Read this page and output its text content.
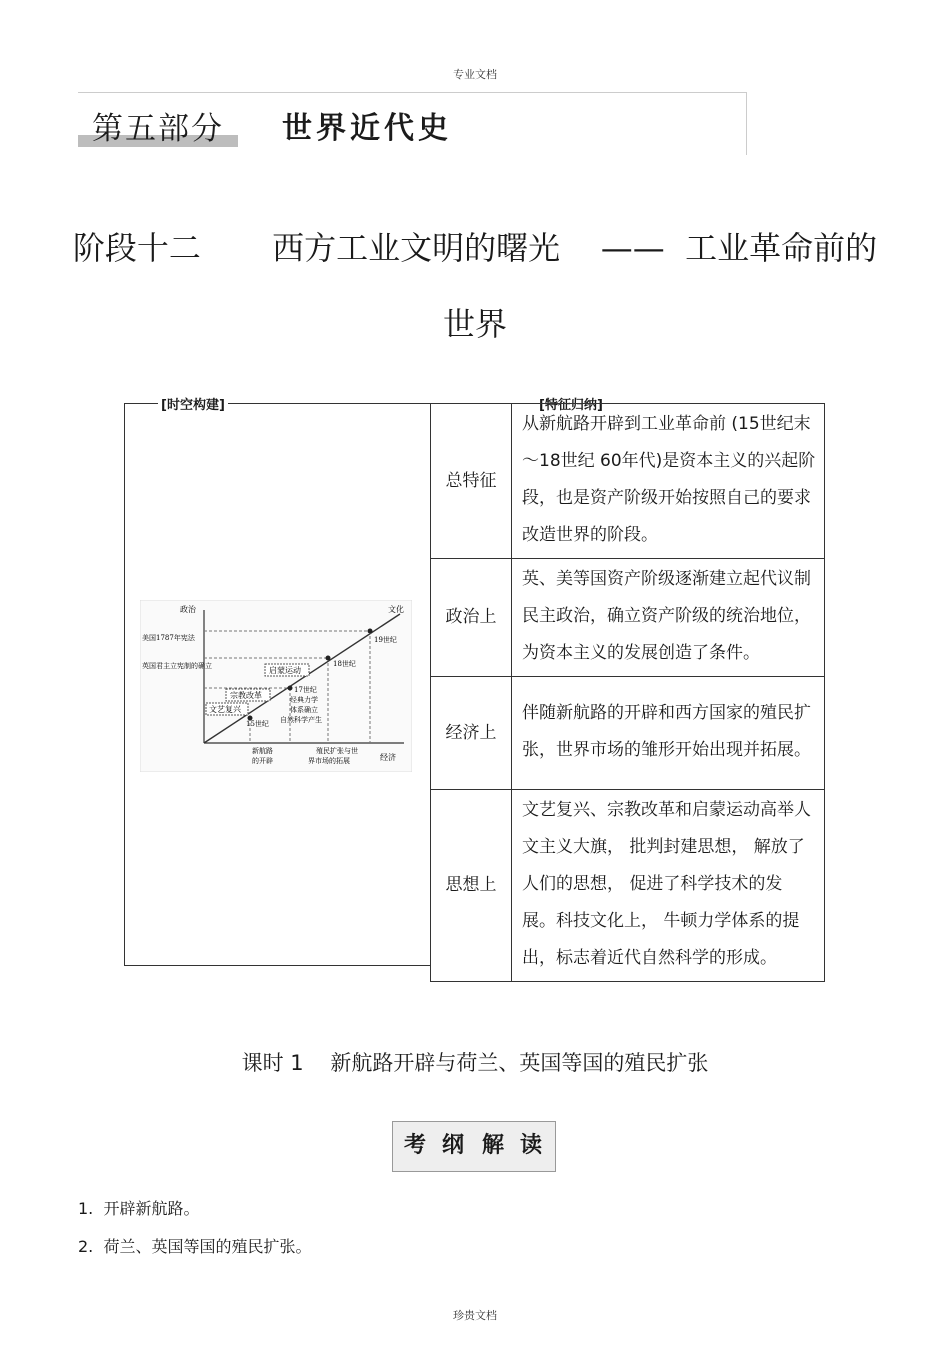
专业文档
第五部分 世界近代史
阶段十二 西方工业文明的曙光 —— 工业革命前的
世界
[时空构建]	[特征归纳]
政治	文化
经济
美国1787年宪法
英国君主立宪制的确立	启蒙运动
宗教改革
文艺复兴
19世纪
18世纪
17世纪
15世纪
经典力学
体系确立
自然科学产生
新航路
的开辟
殖民扩张与世
界市场的拓展
总特征	从新航路开辟到工业革命前 (15世纪末～18世纪 60年代)是资本主义的兴起阶段，也是资产阶级开始按照自己的要求改造世界的阶段。
政治上	英、美等国资产阶级逐渐建立起代议制民主政治，确立资产阶级的统治地位，为资本主义的发展创造了条件。
经济上	伴随新航路的开辟和西方国家的殖民扩张，世界市场的雏形开始出现并拓展。
思想上	文艺复兴、宗教改革和启蒙运动高举人文主义大旗， 批判封建思想， 解放了人们的思想， 促进了科学技术的发展。科技文化上， 牛顿力学体系的提出，标志着近代自然科学的形成。
课时 1    新航路开辟与荷兰、英国等国的殖民扩张
考 纲 解 读
1.  开辟新航路。
2.  荷兰、英国等国的殖民扩张。
珍贵文档
